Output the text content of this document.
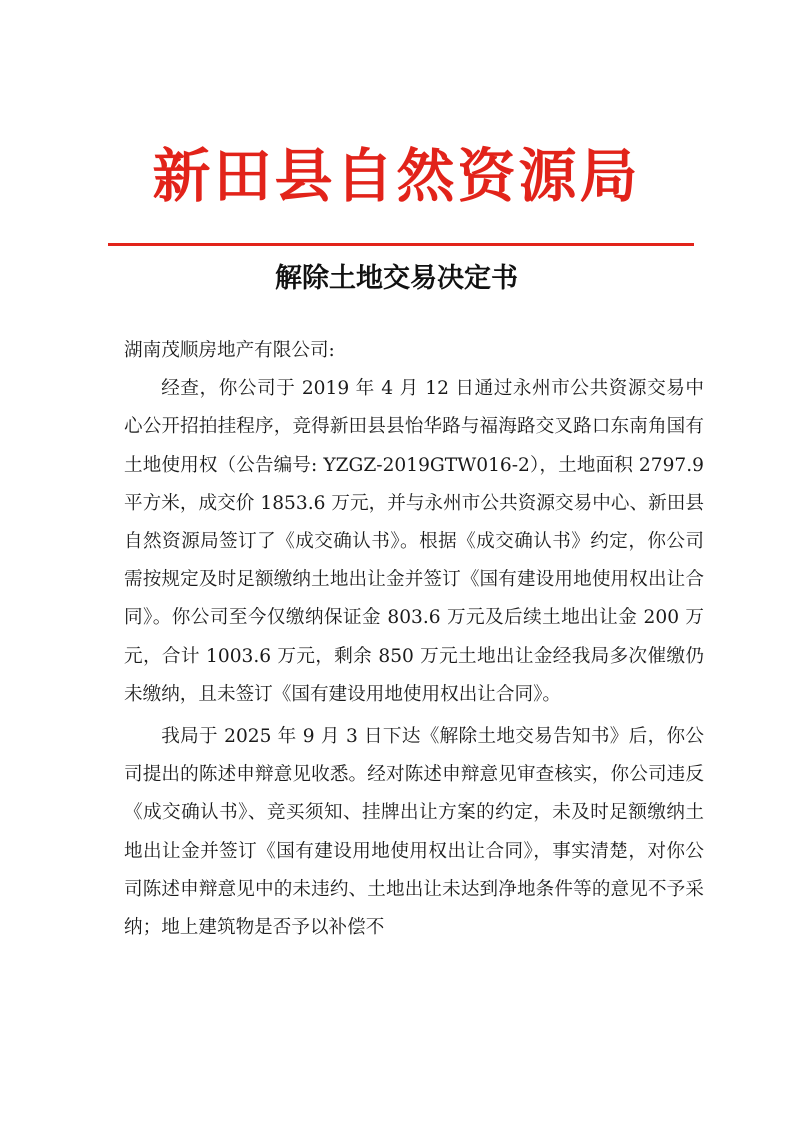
新田县自然资源局
解除土地交易决定书

湖南茂顺房地产有限公司:

经查，你公司于 2019 年 4 月 12 日通过永州市公共资源交易中心公开招拍挂程序，竞得新田县县怡华路与福海路交叉路口东南角国有土地使用权（公告编号: YZGZ-2019GTW016-2），土地面积 2797.9 平方米，成交价 1853.6 万元，并与永州市公共资源交易中心、新田县自然资源局签订了《成交确认书》。根据《成交确认书》约定，你公司需按规定及时足额缴纳土地出让金并签订《国有建设用地使用权出让合同》。你公司至今仅缴纳保证金 803.6 万元及后续土地出让金 200 万元，合计 1003.6 万元，剩余 850 万元土地出让金经我局多次催缴仍未缴纳，且未签订《国有建设用地使用权出让合同》。

我局于 2025 年 9 月 3 日下达《解除土地交易告知书》后，你公司提出的陈述申辩意见收悉。经对陈述申辩意见审查核实，你公司违反《成交确认书》、竞买须知、挂牌出让方案的约定，未及时足额缴纳土地出让金并签订《国有建设用地使用权出让合同》，事实清楚，对你公司陈述申辩意见中的未违约、土地出让未达到净地条件等的意见不予采纳；地上建筑物是否予以补偿不
